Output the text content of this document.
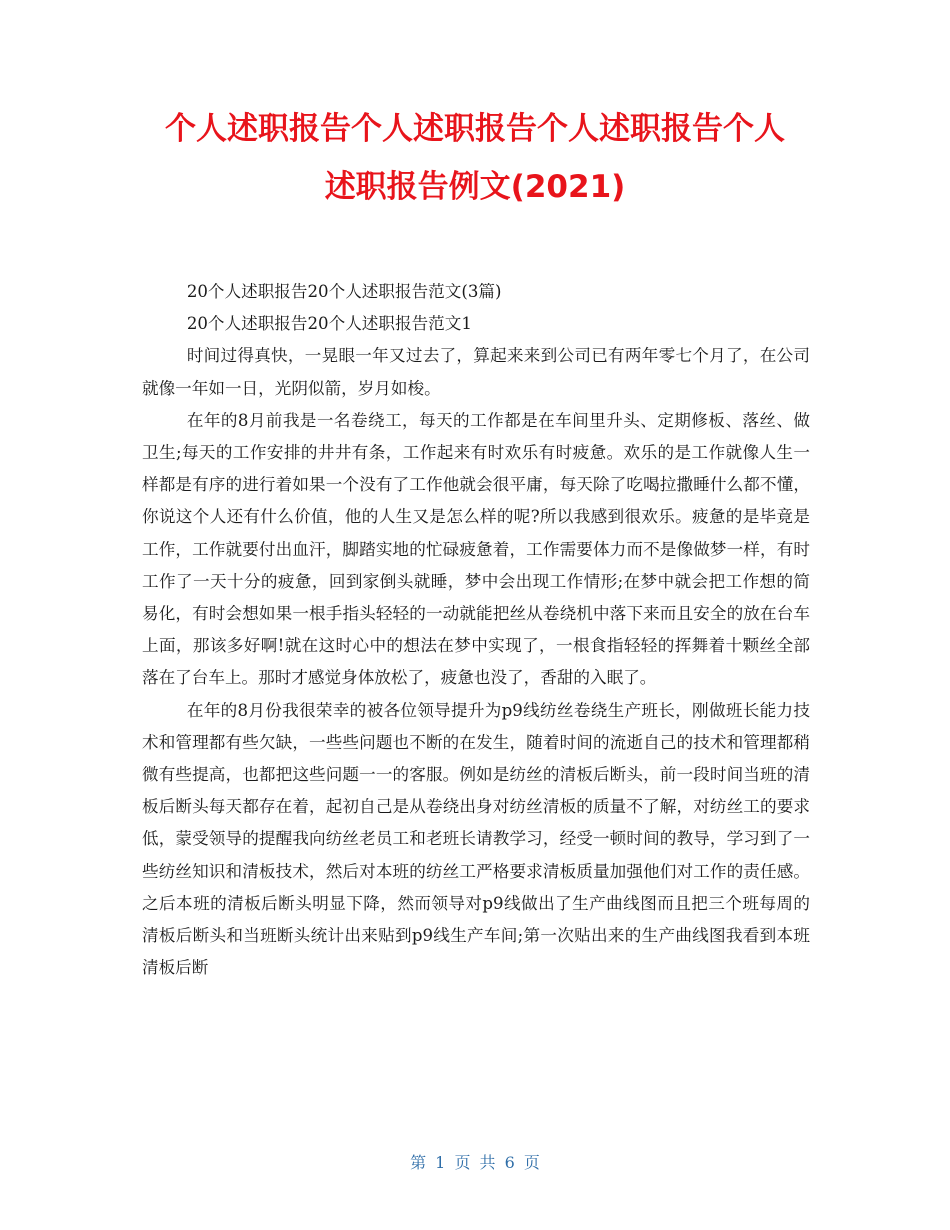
个人述职报告个人述职报告个人述职报告个人
述职报告例文(2021)

20个人述职报告20个人述职报告范文(3篇)

20个人述职报告20个人述职报告范文1

时间过得真快，一晃眼一年又过去了，算起来来到公司已有两年零七个月了，在公司就像一年如一日，光阴似箭，岁月如梭。

在年的8月前我是一名卷绕工，每天的工作都是在车间里升头、定期修板、落丝、做卫生;每天的工作安排的井井有条，工作起来有时欢乐有时疲惫。欢乐的是工作就像人生一样都是有序的进行着如果一个没有了工作他就会很平庸，每天除了吃喝拉撒睡什么都不懂，你说这个人还有什么价值，他的人生又是怎么样的呢?所以我感到很欢乐。疲惫的是毕竟是工作，工作就要付出血汗，脚踏实地的忙碌疲惫着，工作需要体力而不是像做梦一样，有时工作了一天十分的疲惫，回到家倒头就睡，梦中会出现工作情形;在梦中就会把工作想的简易化，有时会想如果一根手指头轻轻的一动就能把丝从卷绕机中落下来而且安全的放在台车上面，那该多好啊!就在这时心中的想法在梦中实现了，一根食指轻轻的挥舞着十颗丝全部落在了台车上。那时才感觉身体放松了，疲惫也没了，香甜的入眠了。

在年的8月份我很荣幸的被各位领导提升为p9线纺丝卷绕生产班长，刚做班长能力技术和管理都有些欠缺，一些些问题也不断的在发生，随着时间的流逝自己的技术和管理都稍微有些提高，也都把这些问题一一的客服。例如是纺丝的清板后断头，前一段时间当班的清板后断头每天都存在着，起初自己是从卷绕出身对纺丝清板的质量不了解，对纺丝工的要求低，蒙受领导的提醒我向纺丝老员工和老班长请教学习，经受一顿时间的教导，学习到了一些纺丝知识和清板技术，然后对本班的纺丝工严格要求清板质量加强他们对工作的责任感。之后本班的清板后断头明显下降，然而领导对p9线做出了生产曲线图而且把三个班每周的清板后断头和当班断头统计出来贴到p9线生产车间;第一次贴出来的生产曲线图我看到本班清板后断

第 1 页 共 6 页
